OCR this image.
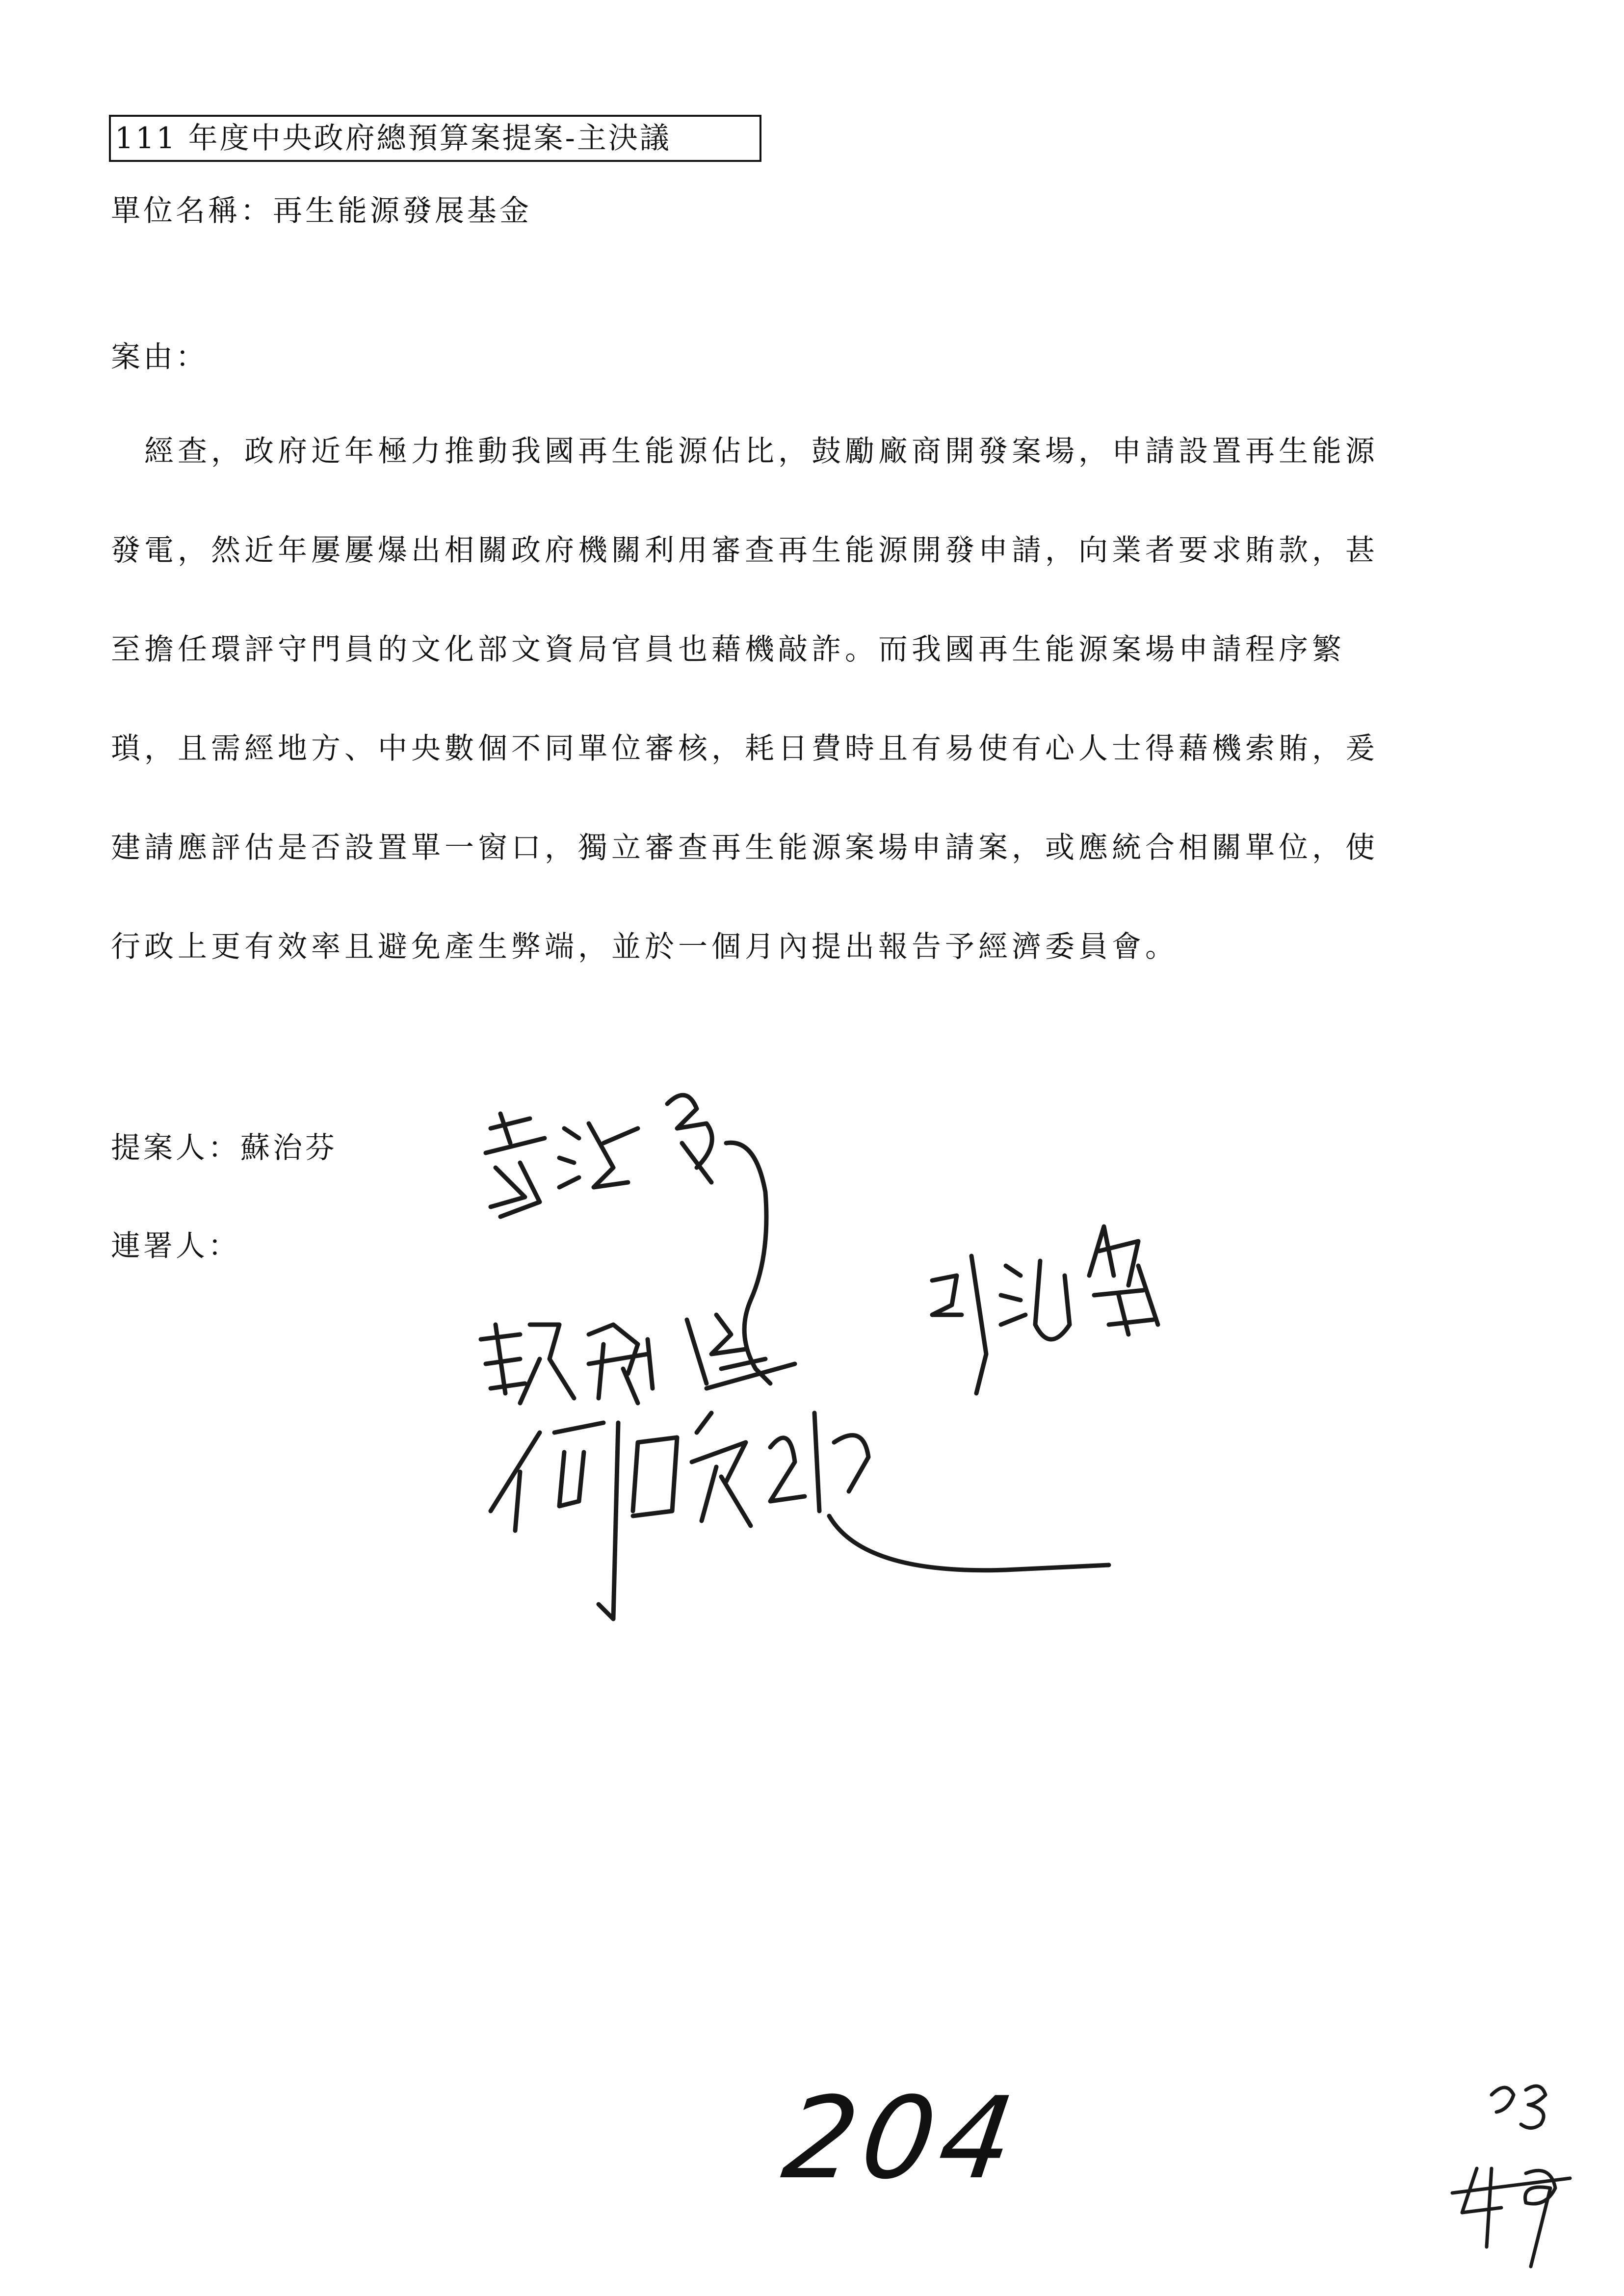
111 年度中央政府總預算案提案-主決議
單位名稱：再生能源發展基金
案由：
　經查，政府近年極力推動我國再生能源佔比，鼓勵廠商開發案場，申請設置再生能源
發電，然近年屢屢爆出相關政府機關利用審查再生能源開發申請，向業者要求賄款，甚
至擔任環評守門員的文化部文資局官員也藉機敲詐。而我國再生能源案場申請程序繁
瑣，且需經地方、中央數個不同單位審核，耗日費時且有易使有心人士得藉機索賄，爰
建請應評估是否設置單一窗口，獨立審查再生能源案場申請案，或應統合相關單位，使
行政上更有效率且避免產生弊端，並於一個月內提出報告予經濟委員會。
提案人：蘇治芬
連署人：
204
